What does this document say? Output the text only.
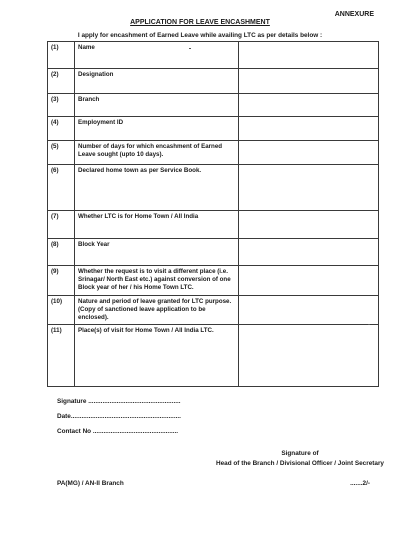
ANNEXURE
APPLICATION FOR LEAVE ENCASHMENT
I apply for encashment of Earned Leave while availing LTC as per details below :
(1)	Name	
(2)	Designation	
(3)	Branch	
(4)	Employment ID	
(5)	Number of days for which encashment of Earned Leave sought (upto 10 days).	
(6)	Declared home town as per Service Book.	
(7)	Whether LTC is for Home Town / All India	
(8)	Block Year	
(9)	Whether the request is to visit a different place (i.e. Srinagar/ North East etc.) against conversion of one Block year of her / his Home Town LTC.	
(10)	Nature and period of leave granted for LTC purpose. (Copy of sanctioned leave application to be enclosed).	
(11)	Place(s) of visit for Home Town / All India LTC.	
Signature ....................................................
Date..............................................................
Contact No ................................................
Signature of
Head of the Branch / Divisional Officer / Joint Secretary
PA(MG) / AN-II Branch	.......2/-
